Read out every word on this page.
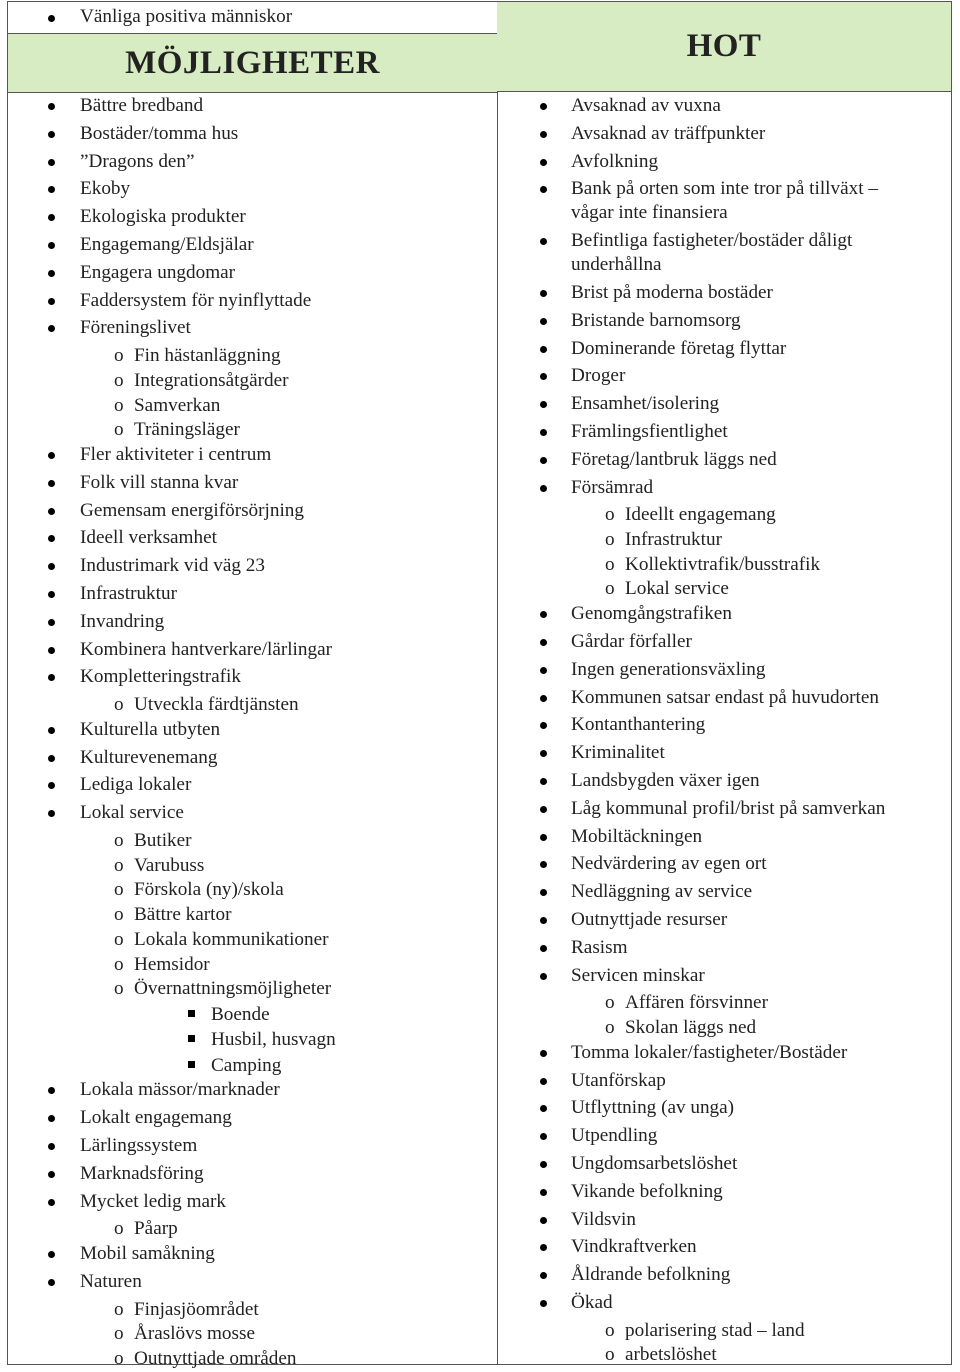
Vänliga positiva människor
MÖJLIGHETER
Bättre bredband
Bostäder/tomma hus
”Dragons den”
Ekoby
Ekologiska produkter
Engagemang/Eldsjälar
Engagera ungdomar
Faddersystem för nyinflyttade
Föreningslivet
o Fin hästanläggning
o Integrationsåtgärder
o Samverkan
o Träningsläger
Fler aktiviteter i centrum
Folk vill stanna kvar
Gemensam energiförsörjning
Ideell verksamhet
Industrimark vid väg 23
Infrastruktur
Invandring
Kombinera hantverkare/lärlingar
Kompletteringstrafik
o Utveckla färdtjänsten
Kulturella utbyten
Kulturevenemang
Lediga lokaler
Lokal service
o Butiker
o Varubuss
o Förskola (ny)/skola
o Bättre kartor
o Lokala kommunikationer
o Hemsidor
o Övernattningsmöjligheter
Boende
Husbil, husvagn
Camping
Lokala mässor/marknader
Lokalt engagemang
Lärlingssystem
Marknadsföring
Mycket ledig mark
o Påarp
Mobil samåkning
Naturen
o Finjasjöområdet
o Åraslövs mosse
o Outnyttjade områden
HOT
Avsaknad av vuxna
Avsaknad av träffpunkter
Avfolkning
Bank på orten som inte tror på tillväxt – vågar inte finansiera
Befintliga fastigheter/bostäder dåligt underhållna
Brist på moderna bostäder
Bristande barnomsorg
Dominerande företag flyttar
Droger
Ensamhet/isolering
Främlingsfientlighet
Företag/lantbruk läggs ned
Försämrad
o Ideellt engagemang
o Infrastruktur
o Kollektivtrafik/busstrafik
o Lokal service
Genomgångstrafiken
Gårdar förfaller
Ingen generationsväxling
Kommunen satsar endast på huvudorten
Kontanthantering
Kriminalitet
Landsbygden växer igen
Låg kommunal profil/brist på samverkan
Mobiltäckningen
Nedvärdering av egen ort
Nedläggning av service
Outnyttjade resurser
Rasism
Servicen minskar
o Affären försvinner
o Skolan läggs ned
Tomma lokaler/fastigheter/Bostäder
Utanförskap
Utflyttning (av unga)
Utpendling
Ungdomsarbetslöshet
Vikande befolkning
Vildsvin
Vindkraftverken
Åldrande befolkning
Ökad
o polarisering stad – land
o arbetslöshet
